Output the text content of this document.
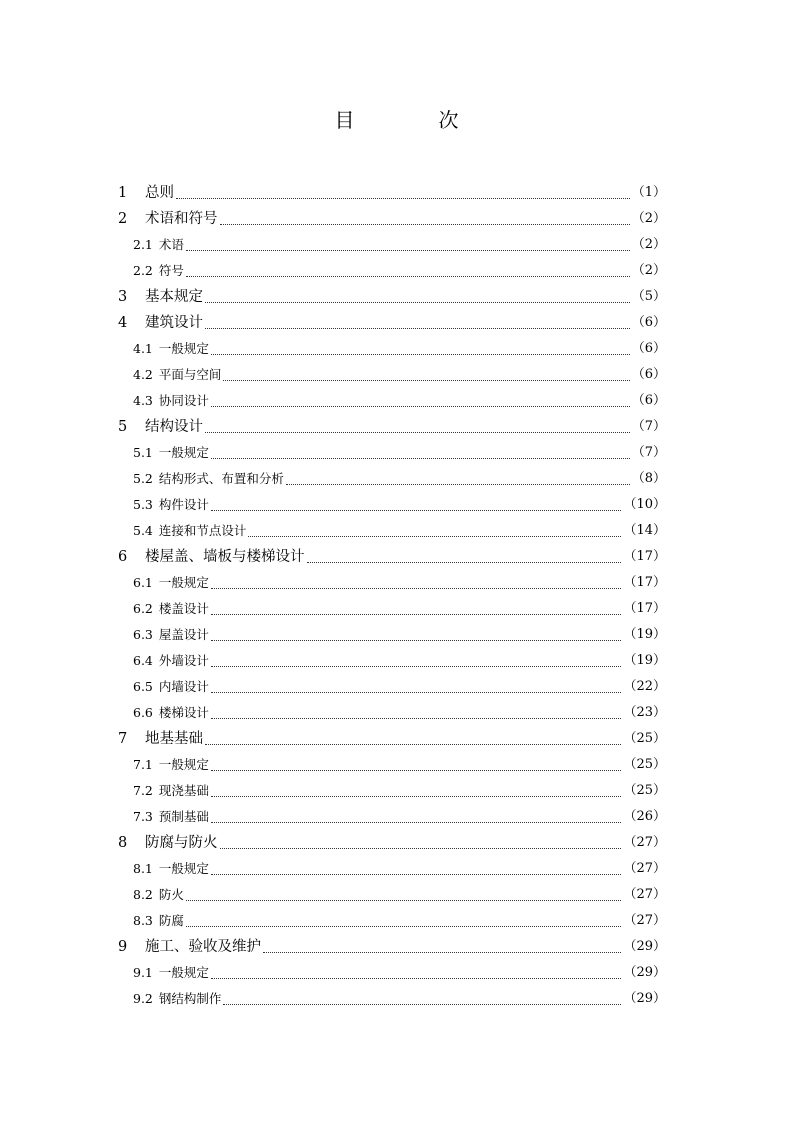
目　次
1	总则	（1）
2	术语和符号	（2）
2.1 术语	（2）
2.2 符号	（2）
3	基本规定	（5）
4	建筑设计	（6）
4.1 一般规定	（6）
4.2 平面与空间	（6）
4.3 协同设计	（6）
5	结构设计	（7）
5.1 一般规定	（7）
5.2 结构形式、布置和分析	（8）
5.3 构件设计	（10）
5.4 连接和节点设计	（14）
6	楼屋盖、墙板与楼梯设计	（17）
6.1 一般规定	（17）
6.2 楼盖设计	（17）
6.3 屋盖设计	（19）
6.4 外墙设计	（19）
6.5 内墙设计	（22）
6.6 楼梯设计	（23）
7	地基基础	（25）
7.1 一般规定	（25）
7.2 现浇基础	（25）
7.3 预制基础	（26）
8	防腐与防火	（27）
8.1 一般规定	（27）
8.2 防火	（27）
8.3 防腐	（27）
9	施工、验收及维护	（29）
9.1 一般规定	（29）
9.2 钢结构制作	（29）
